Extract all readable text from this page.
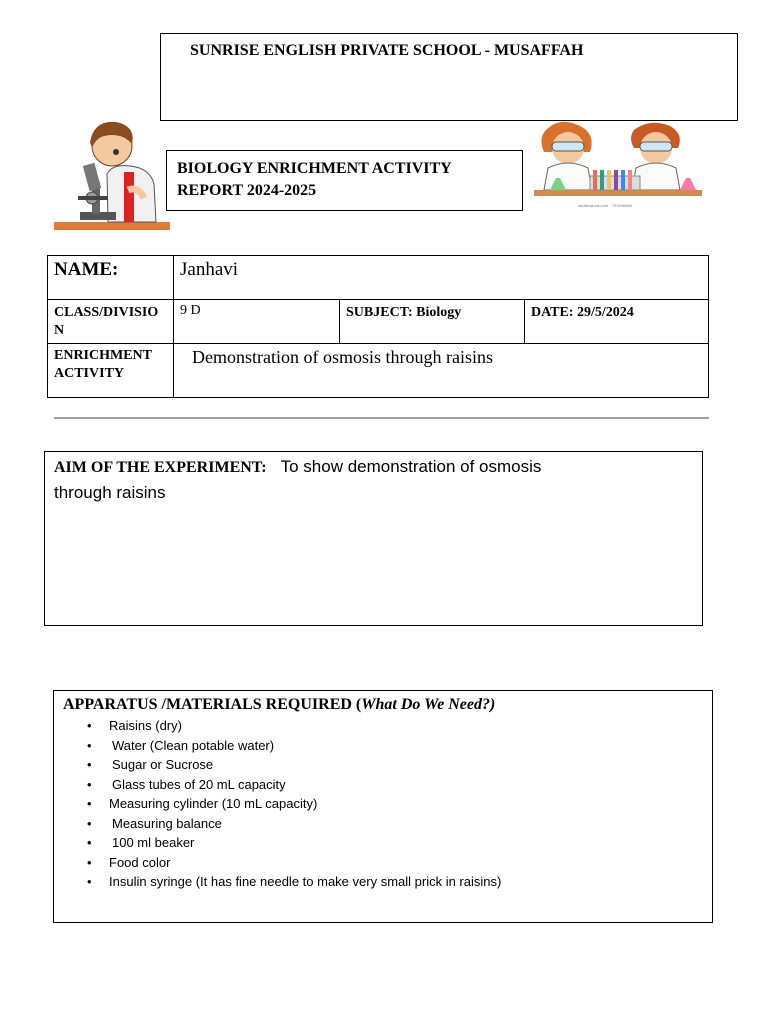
SUNRISE ENGLISH PRIVATE SCHOOL - MUSAFFAH
BIOLOGY ENRICHMENT ACTIVITY
REPORT 2024-2025
shutterstock.com · 703406586
NAME:	Janhavi		
CLASS/DIVISIO N	9 D	SUBJECT: Biology	DATE: 29/5/2024

ENRICHMENT ACTIVITY	Demonstration of osmosis through raisins		
AIM OF THE EXPERIMENT: To show demonstration of osmosis
through raisins
APPARATUS /MATERIALS REQUIRED (What Do We Need?)
• Raisins (dry)
• Water (Clean potable water)
• Sugar or Sucrose
• Glass tubes of 20 mL capacity
• Measuring cylinder (10 mL capacity)
• Measuring balance
• 100 ml beaker
• Food color
• Insulin syringe (It has fine needle to make very small prick in raisins)
